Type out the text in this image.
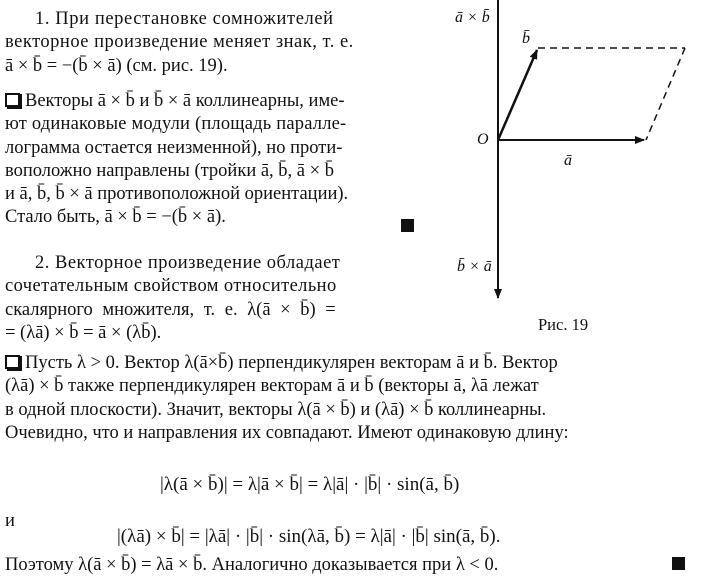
1. При перестановке сомножителей
векторное произведение меняет знак, т. е.
ā × b̄ = −(b̄ × ā) (см. рис. 19).
Векторы ā × b̄ и b̄ × ā коллинеарны, име-
ют одинаковые модули (площадь паралле-
лограмма остается неизменной), но проти-
воположно направлены (тройки ā, b̄, ā × b̄
и ā, b̄, b̄ × ā противоположной ориентации).
Стало быть, ā × b̄ = −(b̄ × ā).
2. Векторное произведение обладает
сочетательным свойством относительно
скалярного множителя, т. е. λ(ā × b̄) =
= (λā) × b̄ = ā × (λb̄).
Пусть λ > 0. Вектор λ(ā×b̄) перпендикулярен векторам ā и b̄. Вектор
(λā) × b̄ также перпендикулярен векторам ā и b̄ (векторы ā, λā лежат
в одной плоскости). Значит, векторы λ(ā × b̄) и (λā) × b̄ коллинеарны.
Очевидно, что и направления их совпадают. Имеют одинаковую длину:
|λ(ā × b̄)| = λ|ā × b̄| = λ|ā| · |b̄| · sin(ā, b̄)
и
|(λā) × b̄| = |λā| · |b̄| · sin(λā, b̄) = λ|ā| · |b̄| sin(ā, b̄).
Поэтому λ(ā × b̄) = λā × b̄. Аналогично доказывается при λ < 0.
ā × b̄
b̄
O
ā
b̄ × ā
Рис. 19
